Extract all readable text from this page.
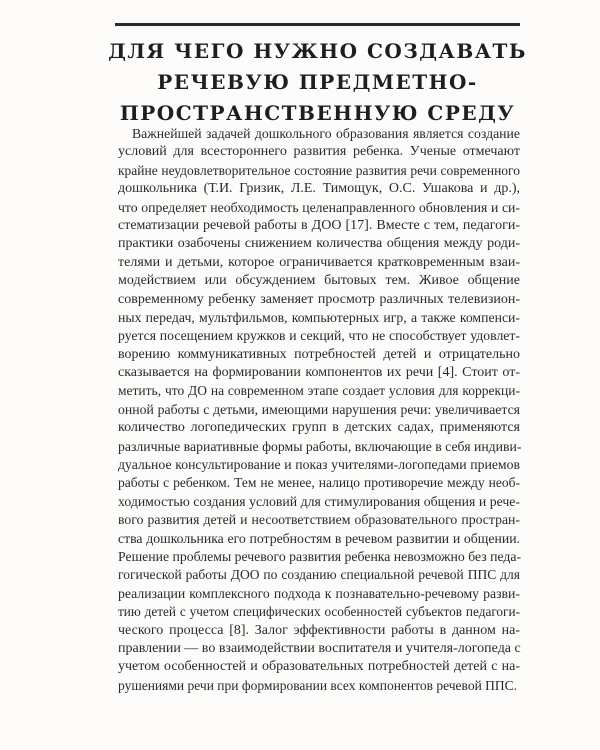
ДЛЯ ЧЕГО НУЖНО СОЗДАВАТЬ
РЕЧЕВУЮ ПРЕДМЕТНО-
ПРОСТРАНСТВЕННУЮ СРЕДУ
Важнейшей задачей дошкольного образования является создание
условий для всестороннего развития ребенка. Ученые отмечают
крайне неудовлетворительное состояние развития речи современного
дошкольника (Т.И. Гризик, Л.Е. Тимощук, О.С. Ушакова и др.),
что определяет необходимость целенаправленного обновления и си-
стематизации речевой работы в ДОО [17]. Вместе с тем, педагоги-
практики озабочены снижением количества общения между роди-
телями и детьми, которое ограничивается кратковременным взаи-
модействием или обсуждением бытовых тем. Живое общение
современному ребенку заменяет просмотр различных телевизион-
ных передач, мультфильмов, компьютерных игр, а также компенси-
руется посещением кружков и секций, что не способствует удовлет-
ворению коммуникативных потребностей детей и отрицательно
сказывается на формировании компонентов их речи [4]. Стоит от-
метить, что ДО на современном этапе создает условия для коррекци-
онной работы с детьми, имеющими нарушения речи: увеличивается
количество логопедических групп в детских садах, применяются
различные вариативные формы работы, включающие в себя индиви-
дуальное консультирование и показ учителями-логопедами приемов
работы с ребенком. Тем не менее, налицо противоречие между необ-
ходимостью создания условий для стимулирования общения и рече-
вого развития детей и несоответствием образовательного простран-
ства дошкольника его потребностям в речевом развитии и общении.
Решение проблемы речевого развития ребенка невозможно без педа-
гогической работы ДОО по созданию специальной речевой ППС для
реализации комплексного подхода к познавательно-речевому разви-
тию детей с учетом специфических особенностей субъектов педагоги-
ческого процесса [8]. Залог эффективности работы в данном на-
правлении — во взаимодействии воспитателя и учителя-логопеда с
учетом особенностей и образовательных потребностей детей с на-
рушениями речи при формировании всех компонентов речевой ППС.
